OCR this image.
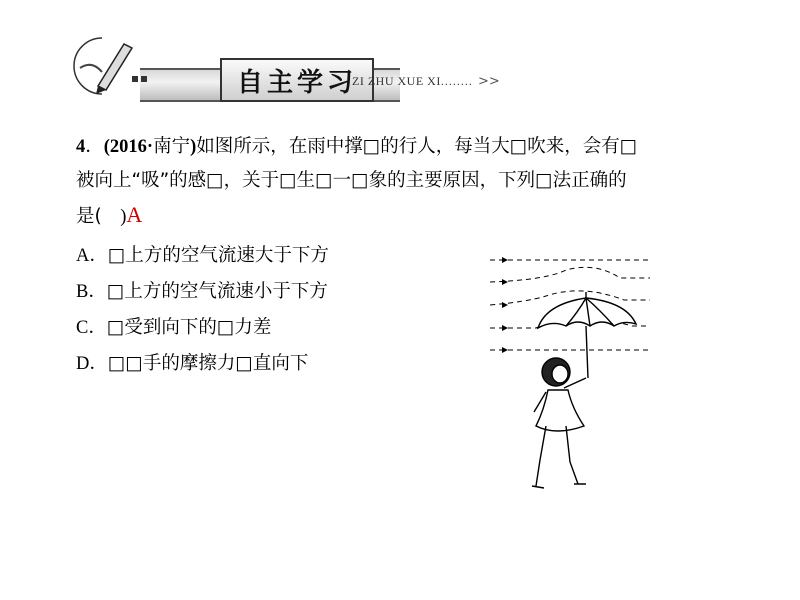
自主学习
ZI ZHU XUE XI........ >>
4．(2016·南宁)如图所示，在雨中撑□的行人，每当大□吹来，会有□
被向上“吸”的感□，关于□生□一□象的主要原因，下列□法正确的
是(　 )A
A．□上方的空气流速大于下方
B．□上方的空气流速小于下方
C．□受到向下的□力差
D．□□手的摩擦力□直向下
